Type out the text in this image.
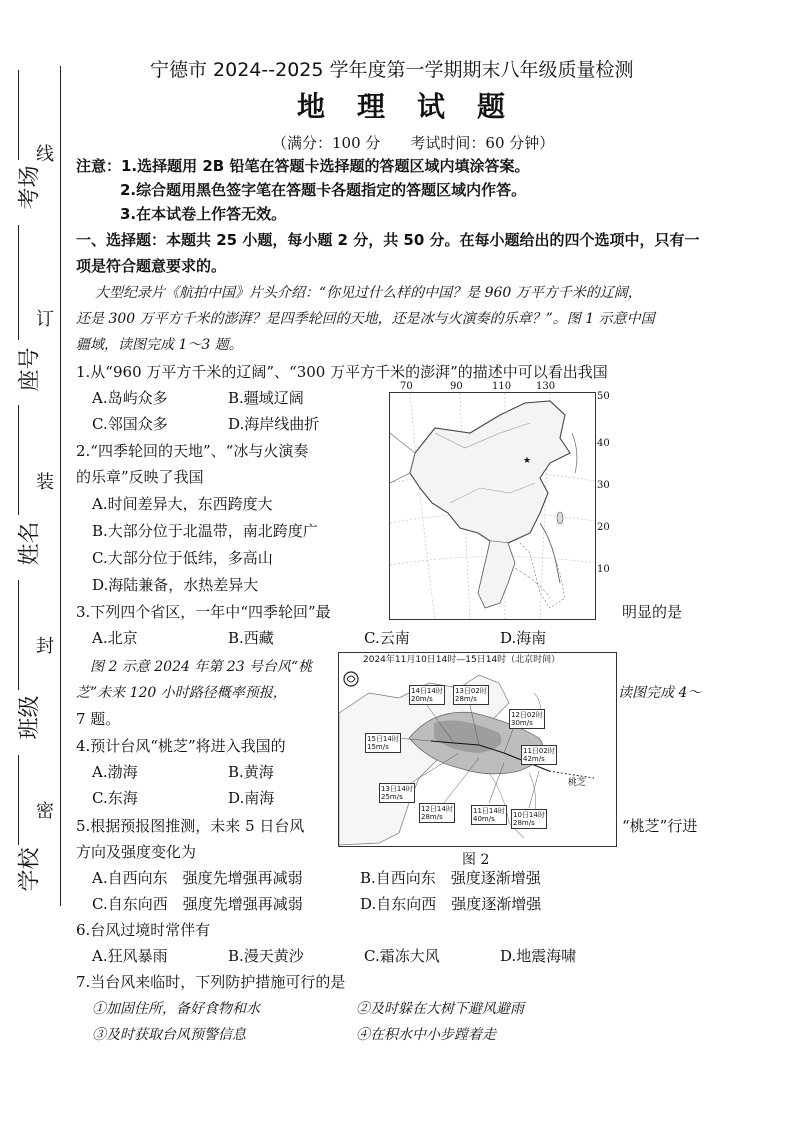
线
订
装
封
密
考场
座号
姓名
班级
学校
宁德市 2024--2025 学年度第一学期期末八年级质量检测
地　理　试　题
（满分：100 分　　考试时间：60 分钟）
注意：1.选择题用 2B 铅笔在答题卡选择题的答题区域内填涂答案。
2.综合题用黑色签字笔在答题卡各题指定的答题区域内作答。
3.在本试卷上作答无效。
一、选择题：本题共 25 小题，每小题 2 分，共 50 分。在每小题给出的四个选项中，只有一
项是符合题意要求的。
大型纪录片《航拍中国》片头介绍：“你见过什么样的中国？是 960 万平方千米的辽阔，
还是 300 万平方千米的澎湃？是四季轮回的天地，还是冰与火演奏的乐章？”。图 1 示意中国
疆域，读图完成 1～3 题。
1.从“960 万平方千米的辽阔”、“300 万平方千米的澎湃”的描述中可以看出我国
A.岛屿众多	B.疆域辽阔
C.邻国众多	D.海岸线曲折
2.“四季轮回的天地”、“冰与火演奏
的乐章”反映了我国
A.时间差异大，东西跨度大
B.大部分位于北温带，南北跨度广
C.大部分位于低纬，多高山
D.海陆兼备，水热差异大
3.下列四个省区，一年中“四季轮回”最	明显的是
A.北京	B.西藏	C.云南	D.海南
70	90	110 130
★
50
40
30
20
10
图 2 示意 2024 年第 23 号台风“桃
芝”未来 120 小时路径概率预报，	读图完成 4～
7 题。
2024年11月10日14时—15日14时（北京时间）
桃芝
14日14时
20m/s
13日02时
28m/s
12日02时
30m/s
15日14时
15m/s	11日02时
42m/s
13日14时
25m/s
12日14时
28m/s
11日14时
40m/s	10日14时
28m/s
图 2
4.预计台风“桃芝”将进入我国的
A.渤海	B.黄海
C.东海	D.南海
5.根据预报图推测，未来 5 日台风	“桃芝”行进
方向及强度变化为
A.自西向东　强度先增强再减弱	B.自西向东　强度逐渐增强
C.自东向西　强度先增强再减弱	D.自东向西　强度逐渐增强
6.台风过境时常伴有
A.狂风暴雨	B.漫天黄沙	C.霜冻大风	D.地震海啸
7.当台风来临时，下列防护措施可行的是
①加固住所，备好食物和水	②及时躲在大树下避风避雨
③及时获取台风预警信息	④在积水中小步蹚着走
